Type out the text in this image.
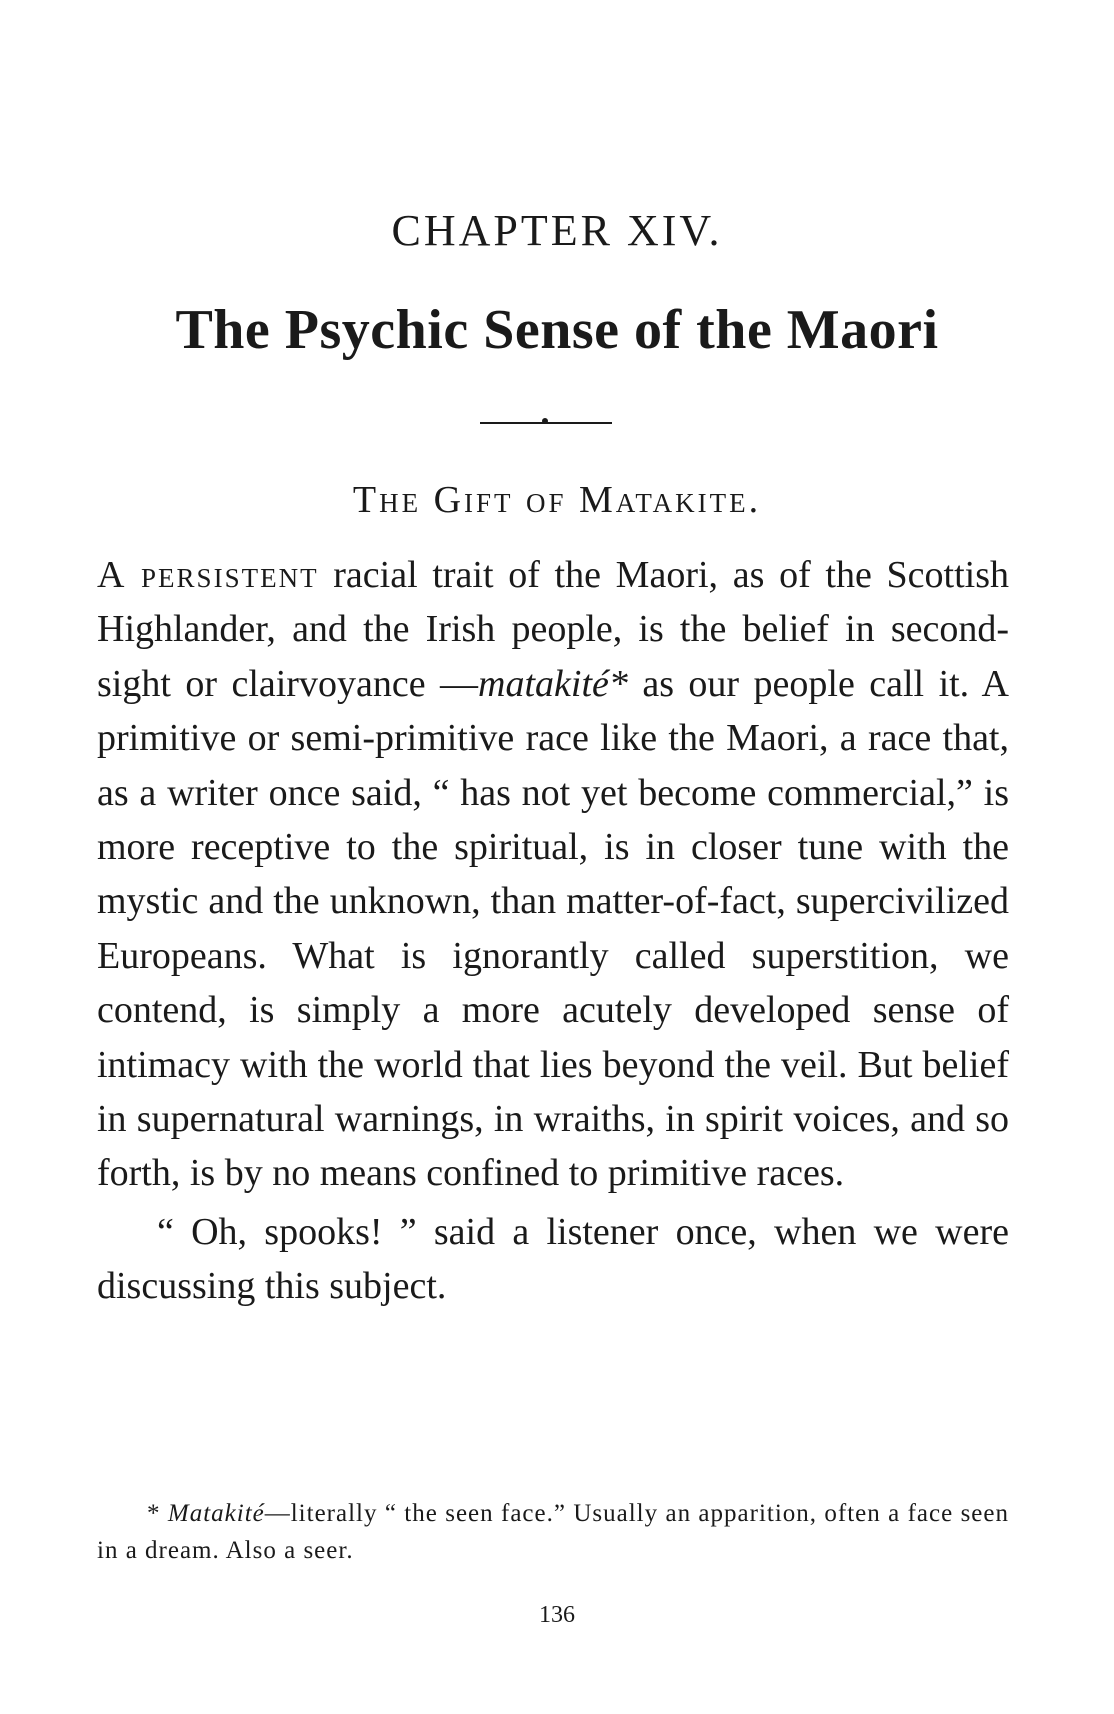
CHAPTER XIV.
The Psychic Sense of the Maori
The Gift of Matakite.

A persistent racial trait of the Maori, as of the Scottish Highlander, and the Irish people, is the belief in second-sight or clairvoyance —matakité* as our people call it. A primitive or semi-primitive race like the Maori, a race that, as a writer once said, “ has not yet become commercial,” is more receptive to the spiritual, is in closer tune with the mystic and the unknown, than matter-of-fact, supercivilized Europeans. What is ignorantly called superstition, we contend, is simply a more acutely developed sense of intimacy with the world that lies beyond the veil. But belief in supernatural warnings, in wraiths, in spirit voices, and so forth, is by no means confined to primitive races.

“ Oh, spooks! ” said a listener once, when we were discussing this subject.

* Matakité—literally “ the seen face.” Usually an apparition, often a face seen in a dream. Also a seer.
136
